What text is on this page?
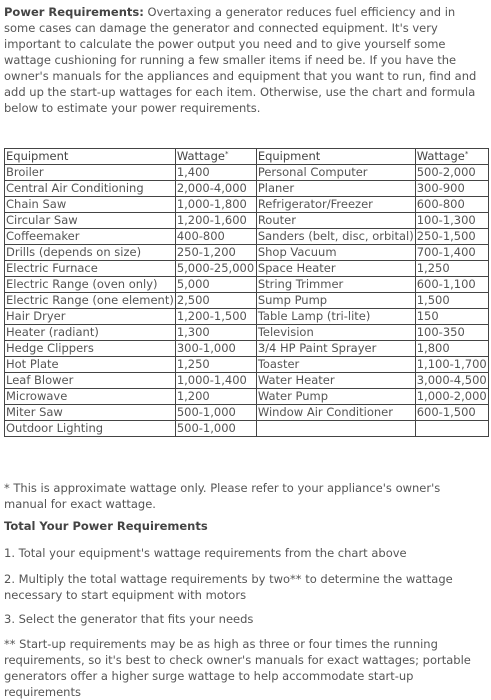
Power Requirements: Overtaxing a generator reduces fuel efficiency and in some cases can damage the generator and connected equipment. It's very important to calculate the power output you need and to give yourself some wattage cushioning for running a few smaller items if need be. If you have the owner's manuals for the appliances and equipment that you want to run, find and add up the start-up wattages for each item. Otherwise, use the chart and formula below to estimate your power requirements.

Equipment	Wattage*	Equipment	Wattage*
Broiler	1,400	Personal Computer	500-2,000
Central Air Conditioning	2,000-4,000	Planer	300-900
Chain Saw	1,000-1,800	Refrigerator/Freezer	600-800
Circular Saw	1,200-1,600	Router	100-1,300
Coffeemaker	400-800	Sanders (belt, disc, orbital)	250-1,500
Drills (depends on size)	250-1,200	Shop Vacuum	700-1,400
Electric Furnace	5,000-25,000	Space Heater	1,250
Electric Range (oven only)	5,000	String Trimmer	600-1,100
Electric Range (one element)	2,500	Sump Pump	1,500
Hair Dryer	1,200-1,500	Table Lamp (tri-lite)	150
Heater (radiant)	1,300	Television	100-350
Hedge Clippers	300-1,000	3/4 HP Paint Sprayer	1,800
Hot Plate	1,250	Toaster	1,100-1,700
Leaf Blower	1,000-1,400	Water Heater	3,000-4,500
Microwave	1,200	Water Pump	1,000-2,000
Miter Saw	500-1,000	Window Air Conditioner	600-1,500
Outdoor Lighting	500-1,000		

* This is approximate wattage only. Please refer to your appliance's owner's manual for exact wattage.

Total Your Power Requirements

1. Total your equipment's wattage requirements from the chart above

2. Multiply the total wattage requirements by two** to determine the wattage necessary to start equipment with motors

3. Select the generator that fits your needs

** Start-up requirements may be as high as three or four times the running requirements, so it's best to check owner's manuals for exact wattages; portable generators offer a higher surge wattage to help accommodate start-up requirements
